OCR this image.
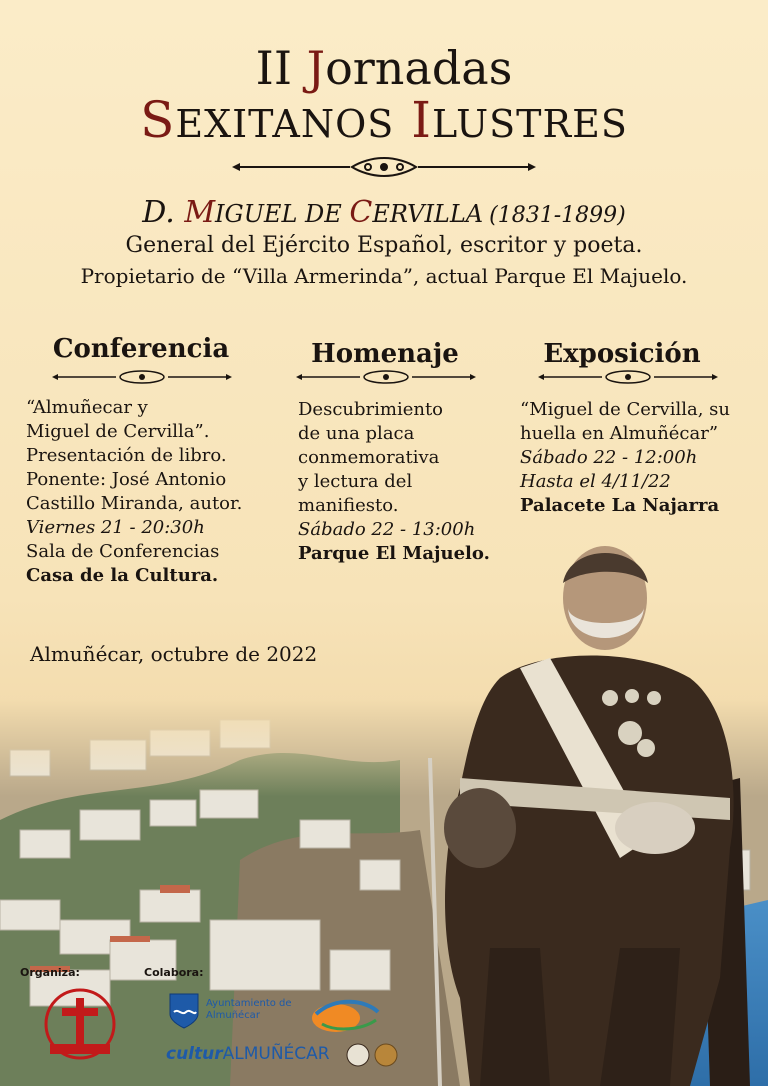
II Jornadas
SEXITANOS ILUSTRES
D. MIGUEL DE CERVILLA (1831-1899)
General del Ejército Español, escritor y poeta.
Propietario de “Villa Armerinda”, actual Parque El Majuelo.
Conferencia	Homenaje	Exposición
“Almuñecar y
Miguel de Cervilla”.
Presentación de libro.
Ponente: José Antonio
Castillo Miranda, autor.
Viernes 21 - 20:30h
Sala de Conferencias
Casa de la Cultura.
Descubrimiento
de una placa
conmemorativa
y lectura del
manifiesto.
Sábado 22 - 13:00h
Parque El Majuelo.
“Miguel de Cervilla, su
huella en Almuñécar”
Sábado 22 - 12:00h
Hasta el 4/11/22
Palacete La Najarra
Almuñécar, octubre de 2022
Organiza:	Colabora:
Ayuntamiento de Almuñécar
culturALMUÑÉCAR
